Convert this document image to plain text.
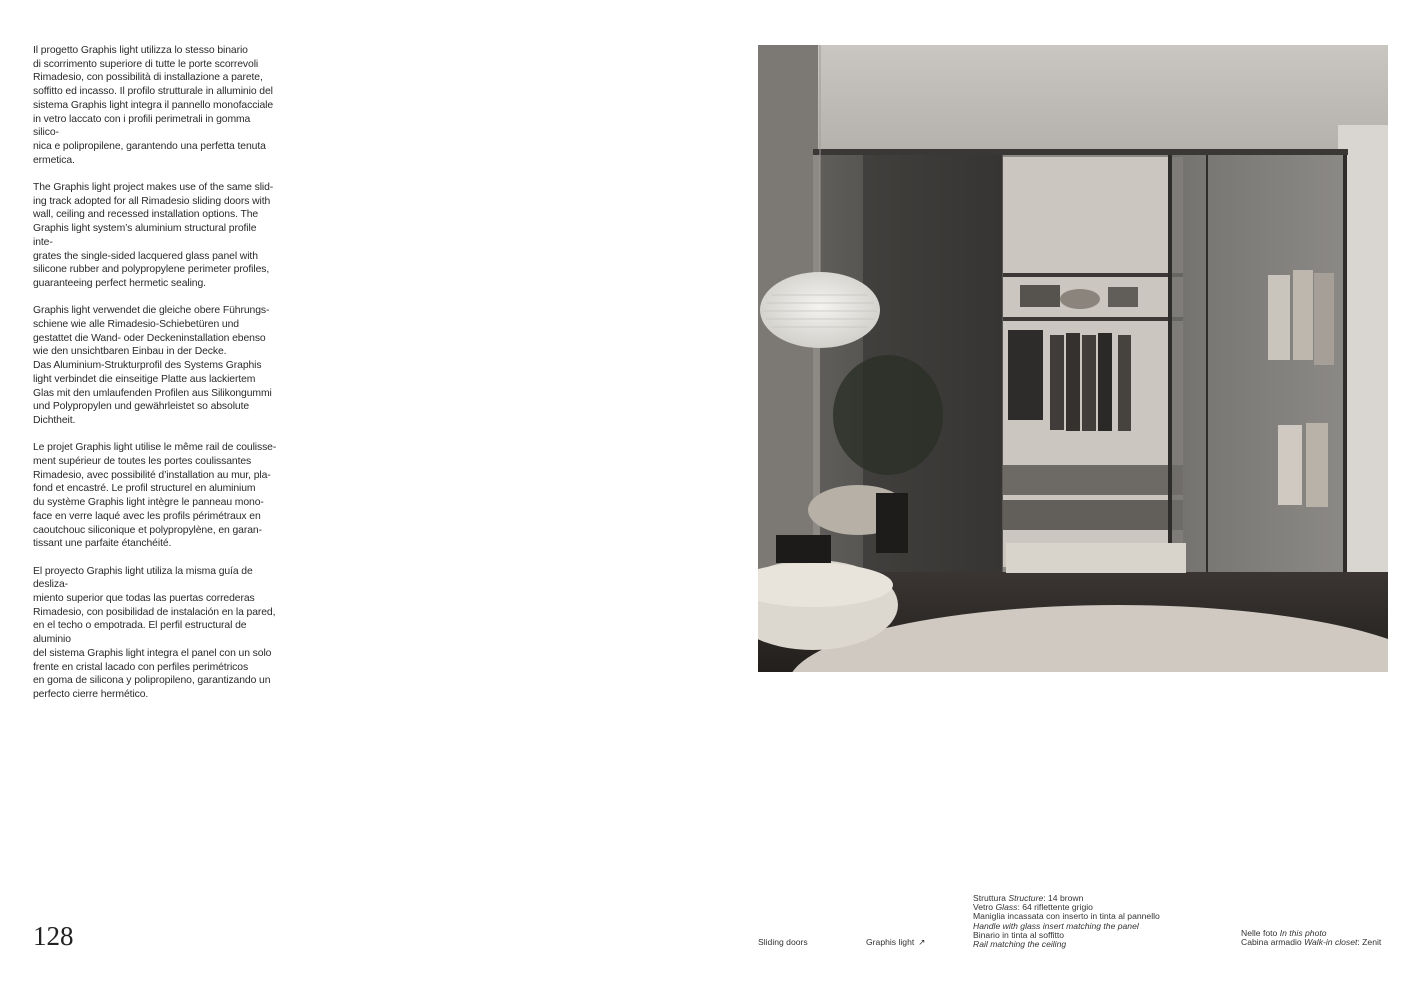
Il progetto Graphis light utilizza lo stesso binario
di scorrimento superiore di tutte le porte scorrevoli
Rimadesio, con possibilità di installazione a parete,
soffitto ed incasso. Il profilo strutturale in alluminio del
sistema Graphis light integra il pannello monofacciale
in vetro laccato con i profili perimetrali in gomma silico-
nica e polipropilene, garantendo una perfetta tenuta
ermetica.

The Graphis light project makes use of the same slid-
ing track adopted for all Rimadesio sliding doors with
wall, ceiling and recessed installation options. The
Graphis light system’s aluminium structural profile inte-
grates the single-sided lacquered glass panel with
silicone rubber and polypropylene perimeter profiles,
guaranteeing perfect hermetic sealing.

Graphis light verwendet die gleiche obere Führungs-
schiene wie alle Rimadesio-Schiebetüren und
gestattet die Wand- oder Deckeninstallation ebenso
wie den unsichtbaren Einbau in der Decke.
Das Aluminium-Strukturprofil des Systems Graphis
light verbindet die einseitige Platte aus lackiertem
Glas mit den umlaufenden Profilen aus Silikongummi
und Polypropylen und gewährleistet so absolute
Dichtheit.

Le projet Graphis light utilise le même rail de coulisse-
ment supérieur de toutes les portes coulissantes
Rimadesio, avec possibilité d’installation au mur, pla-
fond et encastré. Le profil structurel en aluminium
du système Graphis light intègre le panneau mono-
face en verre laqué avec les profils périmétraux en
caoutchouc siliconique et polypropylène, en garan-
tissant une parfaite étanchéité.

El proyecto Graphis light utiliza la misma guía de desliza-
miento superior que todas las puertas correderas
Rimadesio, con posibilidad de instalación en la pared,
en el techo o empotrada. El perfil estructural de aluminio
del sistema Graphis light integra el panel con un solo
frente en cristal lacado con perfiles perimétricos
en goma de silicona y polipropileno, garantizando un
perfecto cierre hermético.

128	Sliding doors	Graphis light ↗
Struttura Structure: 14 brown
Vetro Glass: 64 riflettente grigio
Maniglia incassata con inserto in tinta al pannello
Handle with glass insert matching the panel
Binario in tinta al soffitto
Rail matching the ceiling
Nelle foto In this photo
Cabina armadio Walk-in closet: Zenit
